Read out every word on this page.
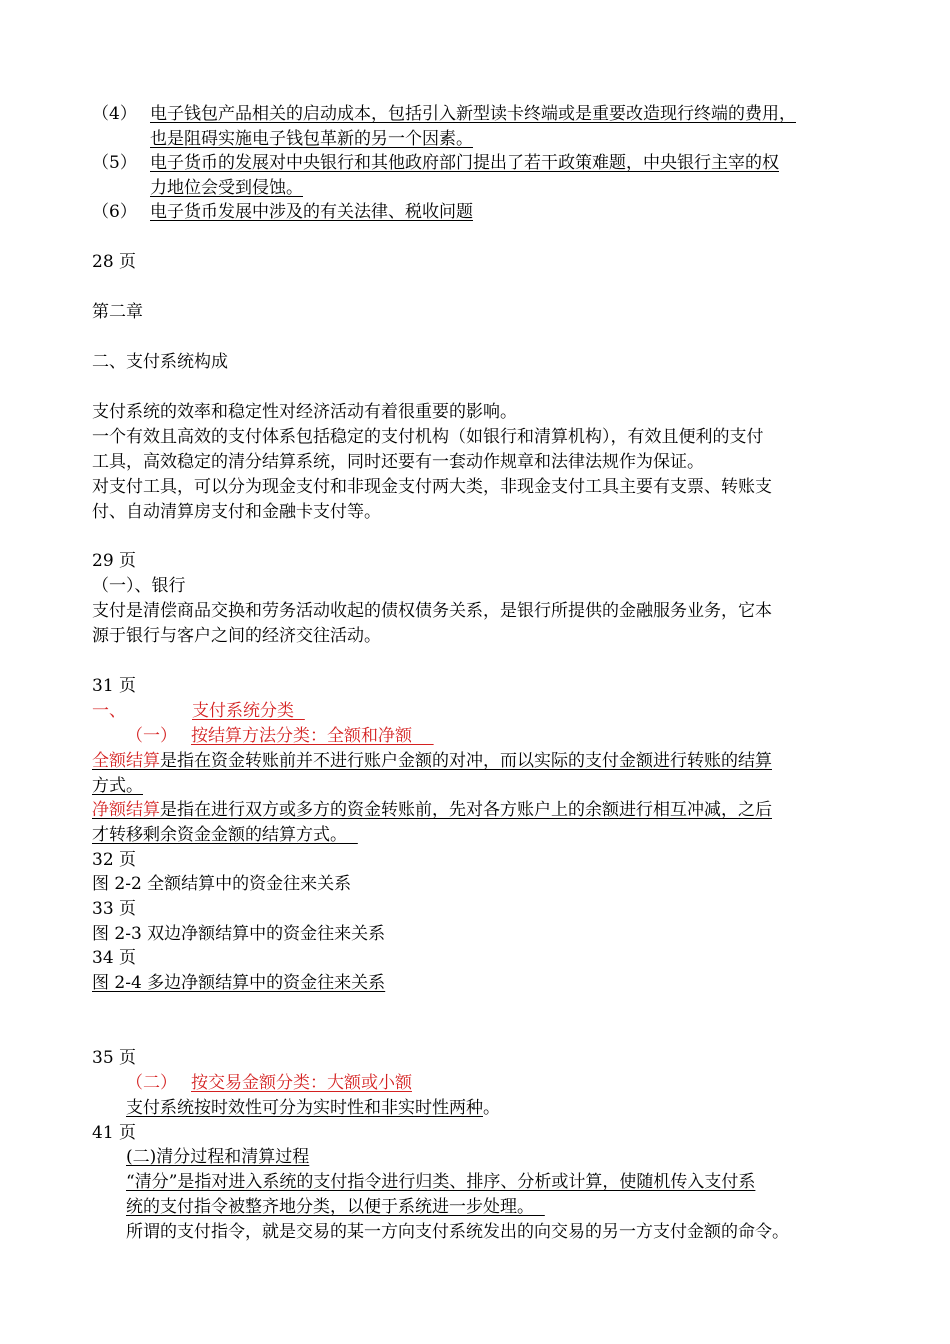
（4） 电子钱包产品相关的启动成本，包括引入新型读卡终端或是重要改造现行终端的费用，
也是阻碍实施电子钱包革新的另一个因素。
（5） 电子货币的发展对中央银行和其他政府部门提出了若干政策难题，中央银行主宰的权
力地位会受到侵蚀。
（6） 电子货币发展中涉及的有关法律、税收问题
28 页
第二章
二、支付系统构成
支付系统的效率和稳定性对经济活动有着很重要的影响。
一个有效且高效的支付体系包括稳定的支付机构（如银行和清算机构），有效且便利的支付
工具，高效稳定的清分结算系统，同时还要有一套动作规章和法律法规作为保证。
对支付工具，可以分为现金支付和非现金支付两大类，非现金支付工具主要有支票、转账支
付、自动清算房支付和金融卡支付等。
29 页
（一）、银行
支付是清偿商品交换和劳务活动收起的债权债务关系，是银行所提供的金融服务业务，它本
源于银行与客户之间的经济交往活动。
31 页
一、	支付系统分类
（一） 按结算方法分类：全额和净额
全额结算是指在资金转账前并不进行账户金额的对冲，而以实际的支付金额进行转账的结算
方式。
净额结算是指在进行双方或多方的资金转账前，先对各方账户上的余额进行相互冲减，之后
才转移剩余资金金额的结算方式。
32 页
图 2-2 全额结算中的资金往来关系
33 页
图 2-3 双边净额结算中的资金往来关系
34 页
图 2-4 多边净额结算中的资金往来关系
35 页
（二） 按交易金额分类：大额或小额
支付系统按时效性可分为实时性和非实时性两种。
41 页
(二)清分过程和清算过程
“清分”是指对进入系统的支付指令进行归类、排序、分析或计算，使随机传入支付系
统的支付指令被整齐地分类，以便于系统进一步处理。
所谓的支付指令，就是交易的某一方向支付系统发出的向交易的另一方支付金额的命令。
